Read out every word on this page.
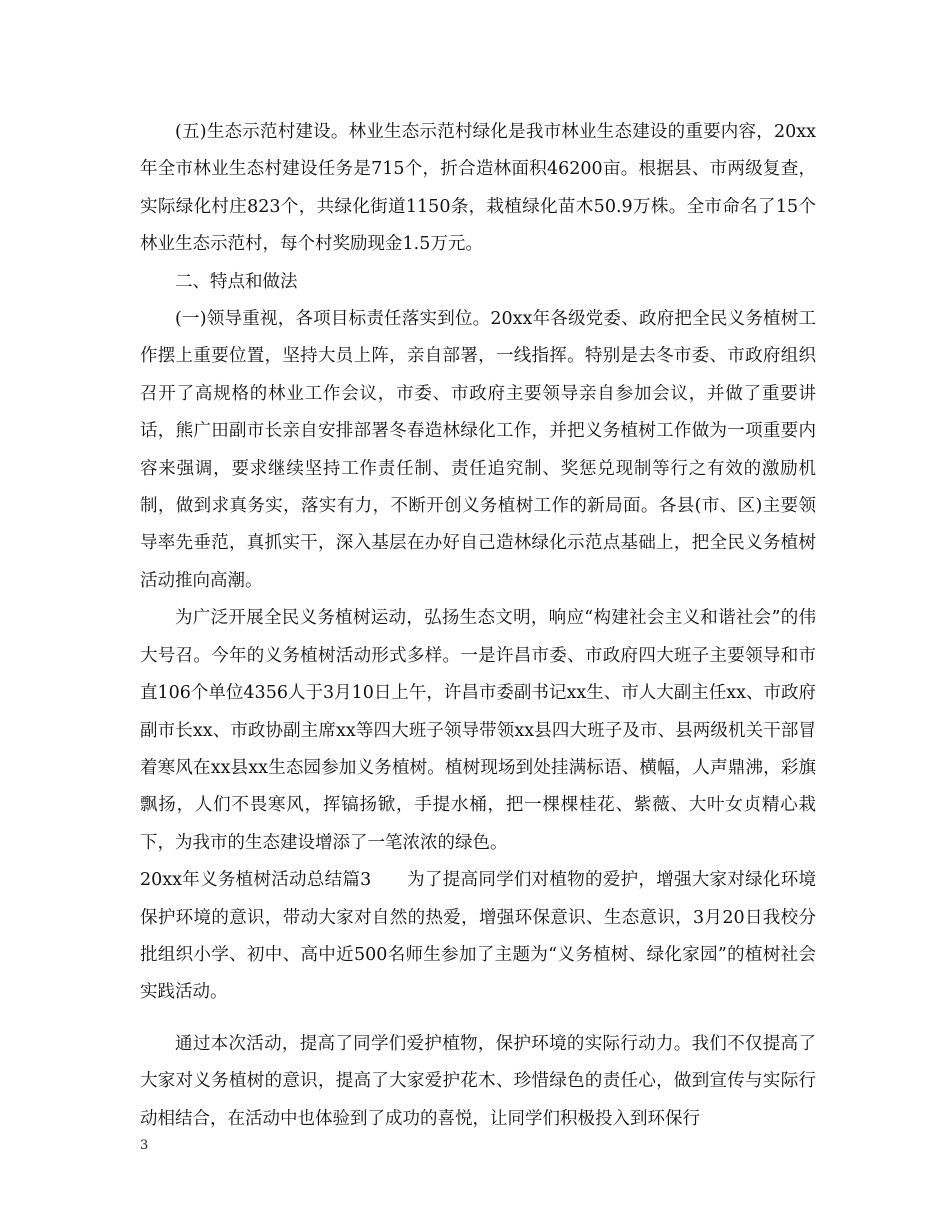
(五)生态示范村建设。林业生态示范村绿化是我市林业生态建设的重要内容，20xx年全市林业生态村建设任务是715个，折合造林面积46200亩。根据县、市两级复查，实际绿化村庄823个，共绿化街道1150条，栽植绿化苗木50.9万株。全市命名了15个林业生态示范村，每个村奖励现金1.5万元。

二、特点和做法

(一)领导重视，各项目标责任落实到位。20xx年各级党委、政府把全民义务植树工作摆上重要位置，坚持大员上阵，亲自部署，一线指挥。特别是去冬市委、市政府组织召开了高规格的林业工作会议，市委、市政府主要领导亲自参加会议，并做了重要讲话，熊广田副市长亲自安排部署冬春造林绿化工作，并把义务植树工作做为一项重要内容来强调，要求继续坚持工作责任制、责任追究制、奖惩兑现制等行之有效的激励机制，做到求真务实，落实有力，不断开创义务植树工作的新局面。各县(市、区)主要领导率先垂范，真抓实干，深入基层在办好自己造林绿化示范点基础上，把全民义务植树活动推向高潮。

为广泛开展全民义务植树运动，弘扬生态文明，响应“构建社会主义和谐社会”的伟大号召。今年的义务植树活动形式多样。一是许昌市委、市政府四大班子主要领导和市直106个单位4356人于3月10日上午，许昌市委副书记xx生、市人大副主任xx、市政府副市长xx、市政协副主席xx等四大班子领导带领xx县四大班子及市、县两级机关干部冒着寒风在xx县xx生态园参加义务植树。植树现场到处挂满标语、横幅，人声鼎沸，彩旗飘扬，人们不畏寒风，挥镐扬锨，手提水桶，把一棵棵桂花、紫薇、大叶女贞精心栽下，为我市的生态建设增添了一笔浓浓的绿色。

20xx年义务植树活动总结篇3　　为了提高同学们对植物的爱护，增强大家对绿化环境保护环境的意识，带动大家对自然的热爱，增强环保意识、生态意识，3月20日我校分批组织小学、初中、高中近500名师生参加了主题为“义务植树、绿化家园”的植树社会实践活动。

通过本次活动，提高了同学们爱护植物，保护环境的实际行动力。我们不仅提高了大家对义务植树的意识，提高了大家爱护花木、珍惜绿色的责任心，做到宣传与实际行动相结合，在活动中也体验到了成功的喜悦，让同学们积极投入到环保行

3
